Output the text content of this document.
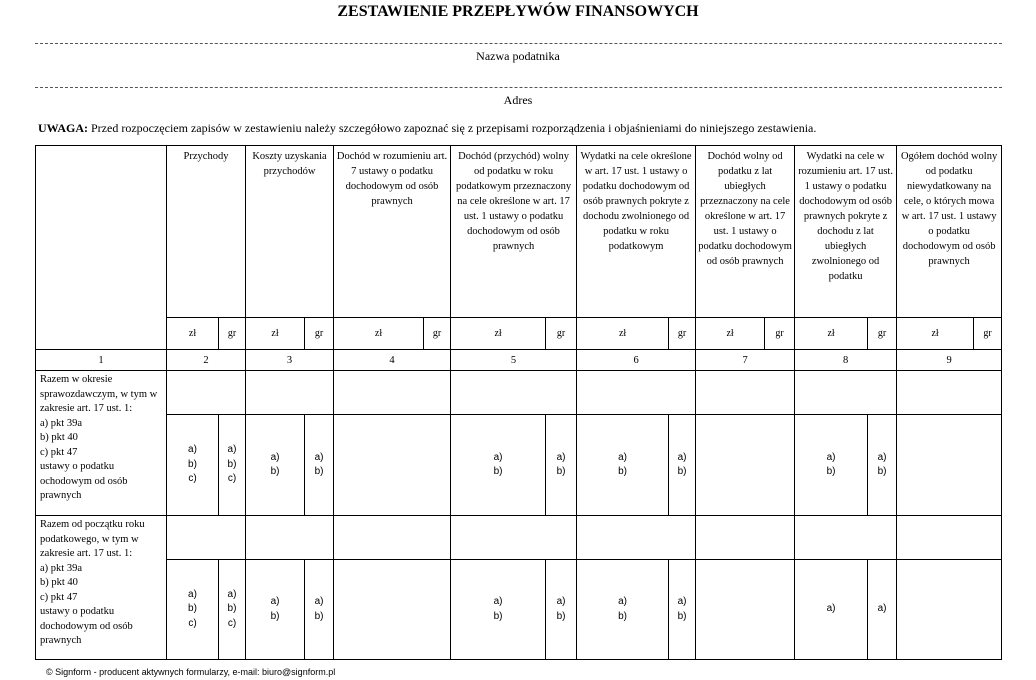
ZESTAWIENIE PRZEPŁYWÓW FINANSOWYCH
Nazwa podatnika
Adres
UWAGA: Przed rozpoczęciem zapisów w zestawieniu należy szczegółowo zapoznać się z przepisami rozporządzenia i objaśnieniami do niniejszego zestawienia.
	Przychody		Koszty uzyskania przychodów		Dochód w rozumieniu art. 7 ustawy o podatku dochodowym od osób prawnych		Dochód (przychód) wolny od podatku w roku podatkowym przeznaczony na cele określone w art. 17 ust. 1 ustawy o podatku dochodowym od osób prawnych		Wydatki na cele określone w art. 17 ust. 1 ustawy o podatku dochodowym od osób prawnych pokryte z dochodu zwolnionego od podatku w roku podatkowym		Dochód wolny od podatku z lat ubiegłych przeznaczony na cele określone w art. 17 ust. 1 ustawy o podatku dochodowym od osób prawnych		Wydatki na cele w rozumieniu art. 17 ust. 1 ustawy o podatku dochodowym od osób prawnych pokryte z dochodu z lat ubiegłych zwolnionego od podatku		Ogółem dochód wolny od podatku niewydatkowany na cele, o których mowa w art. 17 ust. 1 ustawy o podatku dochodowym od osób prawnych	
	zł	gr	zł	gr	zł	gr	zł	gr	zł	gr	zł	gr	zł	gr	zł	gr
1	2		3		4		5		6		7		8		9	
Razem w okresie sprawozdawczym, w tym w zakresie art. 17 ust. 1:
a) pkt 39a
b) pkt 40
c) pkt 47
ustawy o podatku ochodowym od osób prawnych																
	a)
b)
c)	a)
b)
c)	a)
b)	a)
b)			a)
b)	a)
b)	a)
b)	a)
b)			a)
b)	a)
b)		
Razem od początku roku podatkowego, w tym w zakresie art. 17 ust. 1:
a) pkt 39a
b) pkt 40
c) pkt 47
ustawy o podatku dochodowym od osób prawnych																
	a)
b)
c)	a)
b)
c)	a)
b)	a)
b)			a)
b)	a)
b)	a)
b)	a)
b)			a)	a)		
© Signform - producent aktywnych formularzy, e-mail: biuro@signform.pl
